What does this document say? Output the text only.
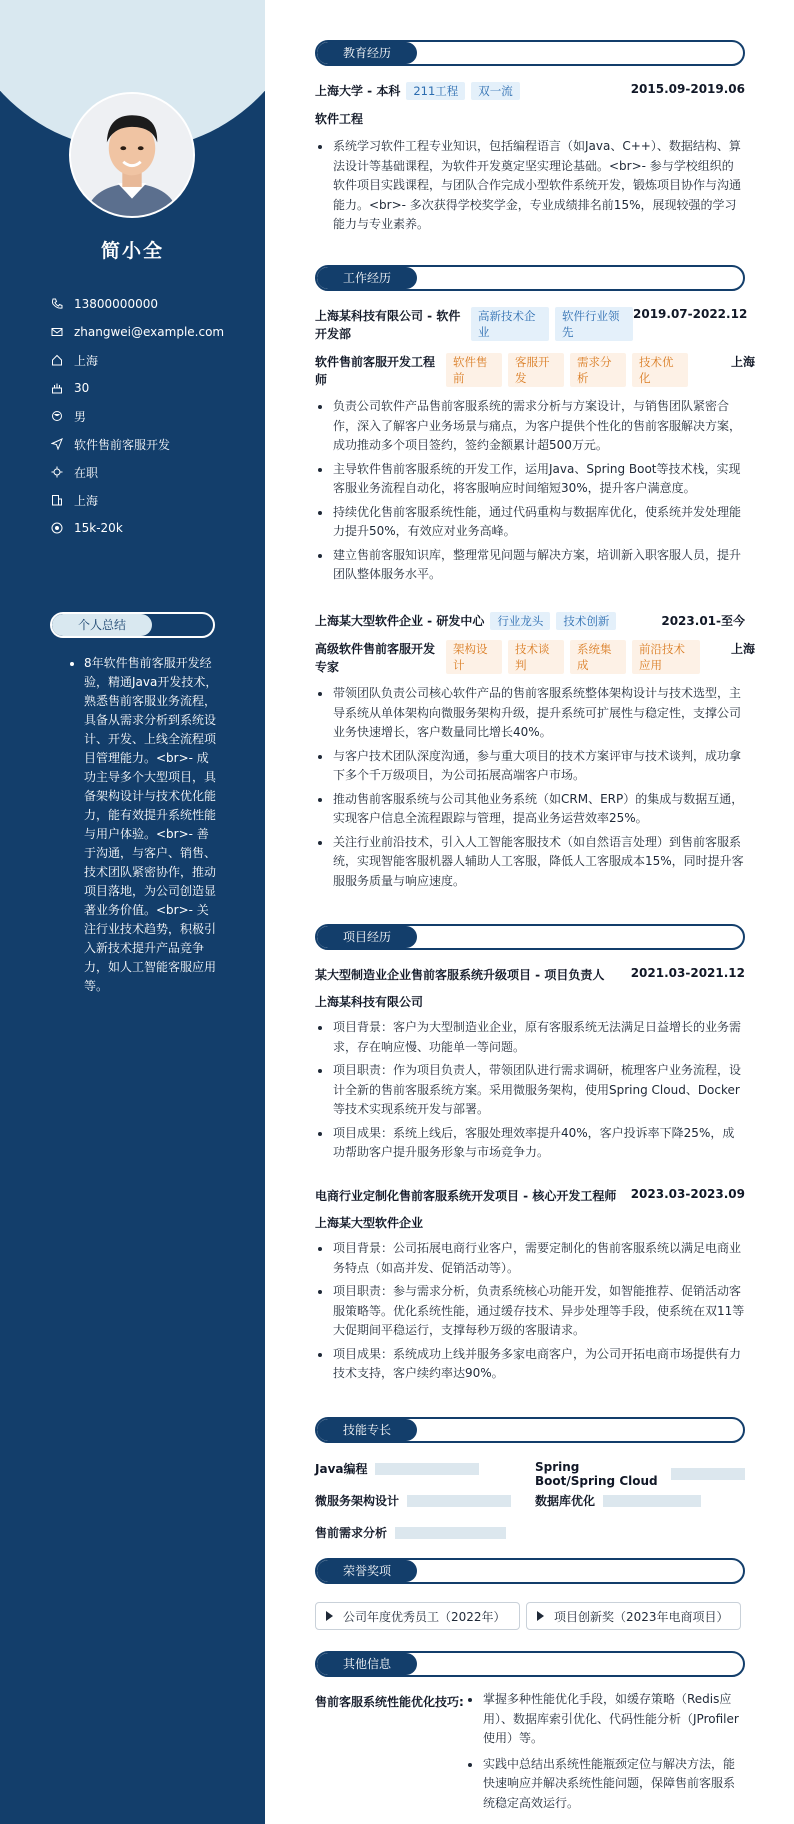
简小全
13800000000
zhangwei@example.com
上海
30
男
软件售前客服开发
在职
上海
15k-20k
个人总结
• 8年软件售前客服开发经验，精通Java开发技术，熟悉售前客服业务流程，具备从需求分析到系统设计、开发、上线全流程项目管理能力。<br>- 成功主导多个大型项目，具备架构设计与技术优化能力，能有效提升系统性能与用户体验。<br>- 善于沟通，与客户、销售、技术团队紧密协作，推动项目落地，为公司创造显著业务价值。<br>- 关注行业技术趋势，积极引入新技术提升产品竞争力，如人工智能客服应用等。
教育经历
上海大学 - 本科	211工程	双一流	2015.09-2019.06
软件工程
系统学习软件工程专业知识，包括编程语言（如Java、C++）、数据结构、算法设计等基础课程，为软件开发奠定坚实理论基础。<br>- 参与学校组织的软件项目实践课程，与团队合作完成小型软件系统开发，锻炼项目协作与沟通能力。<br>- 多次获得学校奖学金，专业成绩排名前15%，展现较强的学习能力与专业素养。
工作经历
上海某科技有限公司 - 软件开发部
高新技术企业
软件行业领先
2019.07-2022.12
软件售前客服开发工程师
软件售前
客服开发
需求分析
技术优化
上海
负责公司软件产品售前客服系统的需求分析与方案设计，与销售团队紧密合作，深入了解客户业务场景与痛点，为客户提供个性化的售前客服解决方案，成功推动多个项目签约，签约金额累计超500万元。
主导软件售前客服系统的开发工作，运用Java、Spring Boot等技术栈，实现客服业务流程自动化，将客服响应时间缩短30%，提升客户满意度。
持续优化售前客服系统性能，通过代码重构与数据库优化，使系统并发处理能力提升50%，有效应对业务高峰。
建立售前客服知识库，整理常见问题与解决方案，培训新入职客服人员，提升团队整体服务水平。
上海某大型软件企业 - 研发中心	行业龙头	技术创新	2023.01-至今
高级软件售前客服开发专家
架构设计
技术谈判
系统集成
前沿技术应用
上海
带领团队负责公司核心软件产品的售前客服系统整体架构设计与技术选型，主导系统从单体架构向微服务架构升级，提升系统可扩展性与稳定性，支撑公司业务快速增长，客户数量同比增长40%。
与客户技术团队深度沟通，参与重大项目的技术方案评审与技术谈判，成功拿下多个千万级项目，为公司拓展高端客户市场。
推动售前客服系统与公司其他业务系统（如CRM、ERP）的集成与数据互通，实现客户信息全流程跟踪与管理，提高业务运营效率25%。
关注行业前沿技术，引入人工智能客服技术（如自然语言处理）到售前客服系统，实现智能客服机器人辅助人工客服，降低人工客服成本15%，同时提升客服服务质量与响应速度。
项目经历
某大型制造业企业售前客服系统升级项目 - 项目负责人 2021.03-2021.12
上海某科技有限公司
项目背景：客户为大型制造业企业，原有客服系统无法满足日益增长的业务需求，存在响应慢、功能单一等问题。
项目职责：作为项目负责人，带领团队进行需求调研，梳理客户业务流程，设计全新的售前客服系统方案。采用微服务架构，使用Spring Cloud、Docker等技术实现系统开发与部署。
项目成果：系统上线后，客服处理效率提升40%，客户投诉率下降25%，成功帮助客户提升服务形象与市场竞争力。
电商行业定制化售前客服系统开发项目 - 核心开发工程师 2023.03-2023.09
上海某大型软件企业
项目背景：公司拓展电商行业客户，需要定制化的售前客服系统以满足电商业务特点（如高并发、促销活动等）。
项目职责：参与需求分析，负责系统核心功能开发，如智能推荐、促销活动客服策略等。优化系统性能，通过缓存技术、异步处理等手段，使系统在双11等大促期间平稳运行，支撑每秒万级的客服请求。
项目成果：系统成功上线并服务多家电商客户，为公司开拓电商市场提供有力技术支持，客户续约率达90%。
技能专长
Java编程	Spring Boot/Spring Cloud
微服务架构设计	数据库优化
售前需求分析
荣誉奖项
公司年度优秀员工（2022年）	项目创新奖（2023年电商项目）
其他信息
售前客服系统性能优化技巧:	掌握多种性能优化手段，如缓存策略（Redis应用）、数据库索引优化、代码性能分析（JProfiler使用）等。
实践中总结出系统性能瓶颈定位与解决方法，能快速响应并解决系统性能问题，保障售前客服系统稳定高效运行。
